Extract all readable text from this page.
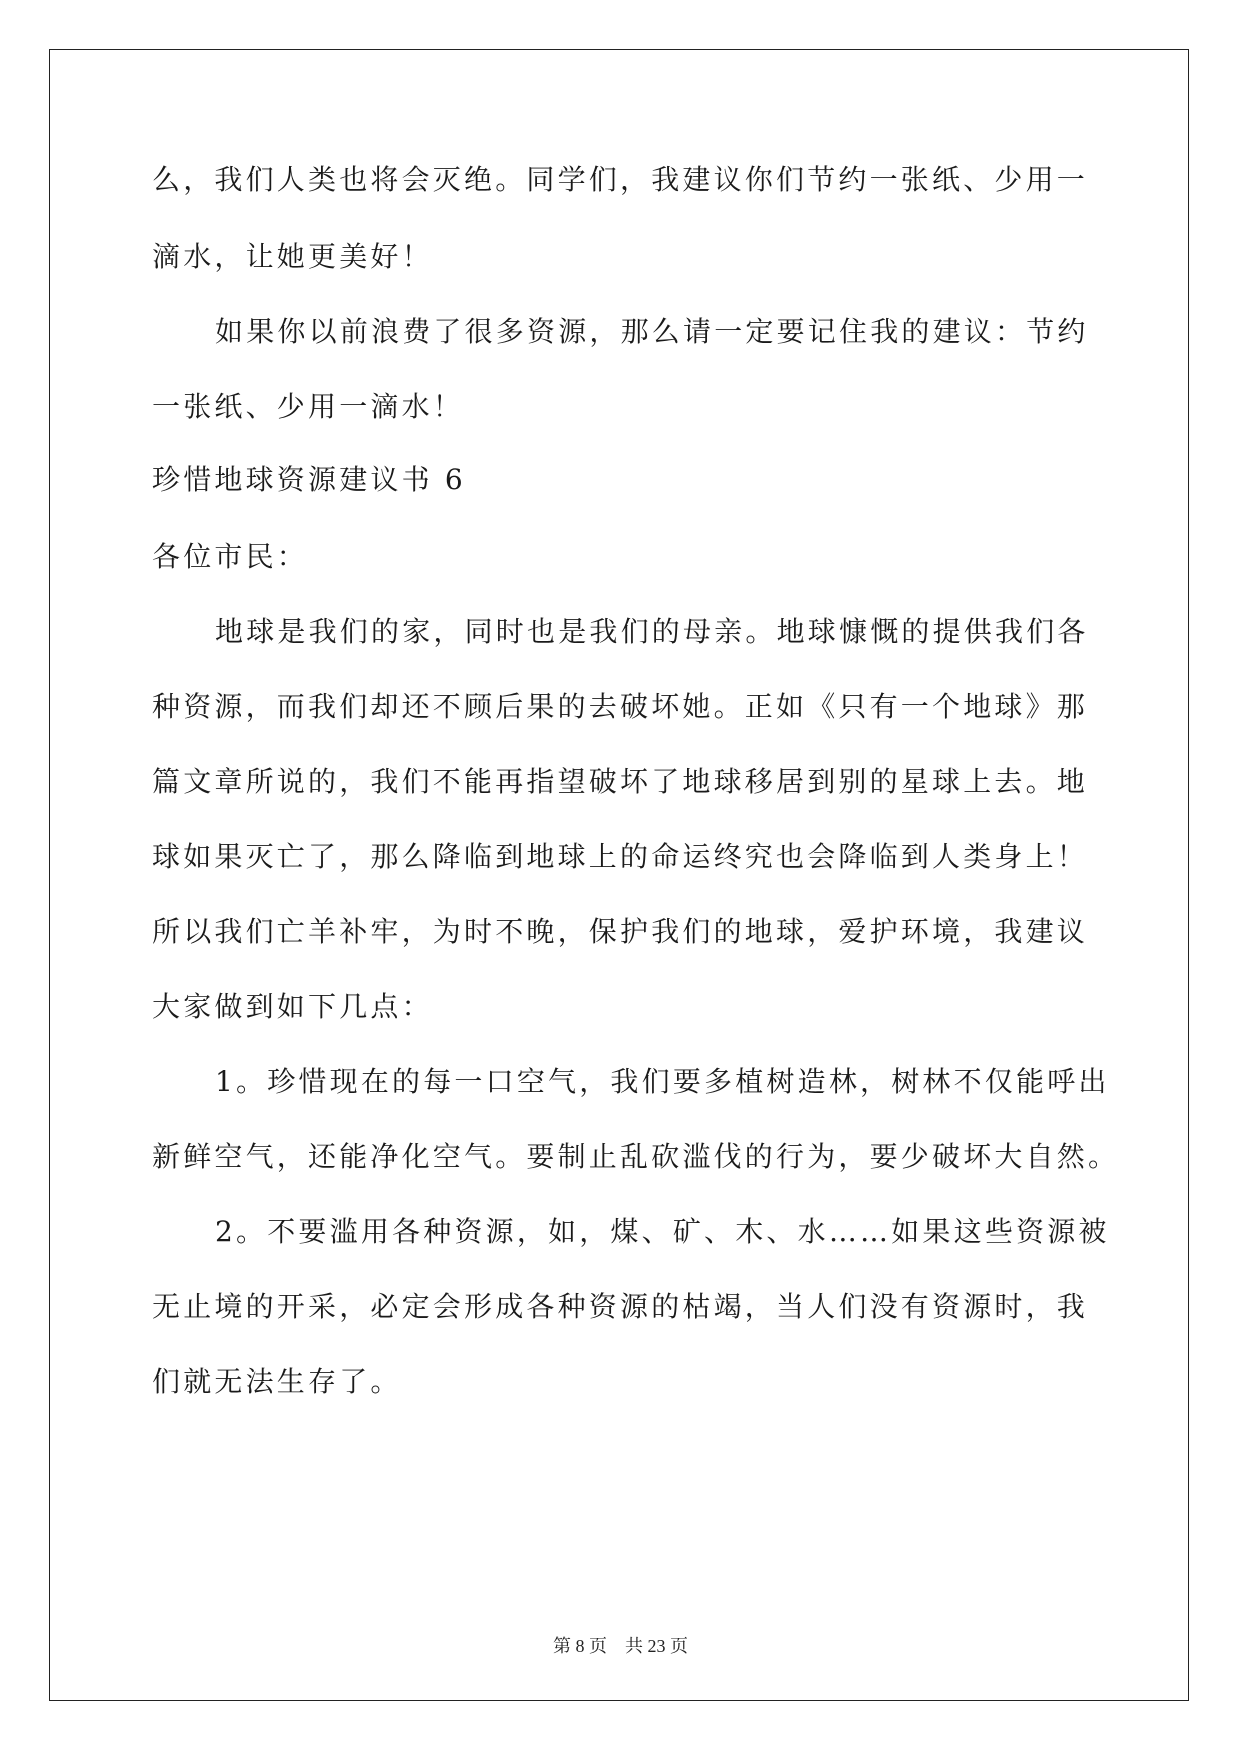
么，我们人类也将会灭绝。同学们，我建议你们节约一张纸、少用一
滴水，让她更美好！
如果你以前浪费了很多资源，那么请一定要记住我的建议：节约
一张纸、少用一滴水！
珍惜地球资源建议书 6
各位市民：
地球是我们的家，同时也是我们的母亲。地球慷慨的提供我们各
种资源，而我们却还不顾后果的去破坏她。正如《只有一个地球》那
篇文章所说的，我们不能再指望破坏了地球移居到别的星球上去。地
球如果灭亡了，那么降临到地球上的命运终究也会降临到人类身上！
所以我们亡羊补牢，为时不晚，保护我们的地球，爱护环境，我建议
大家做到如下几点：
1。珍惜现在的每一口空气，我们要多植树造林，树林不仅能呼出
新鲜空气，还能净化空气。要制止乱砍滥伐的行为，要少破坏大自然。
2。不要滥用各种资源，如，煤、矿、木、水……如果这些资源被
无止境的开采，必定会形成各种资源的枯竭，当人们没有资源时，我
们就无法生存了。
第 8 页 共 23 页
